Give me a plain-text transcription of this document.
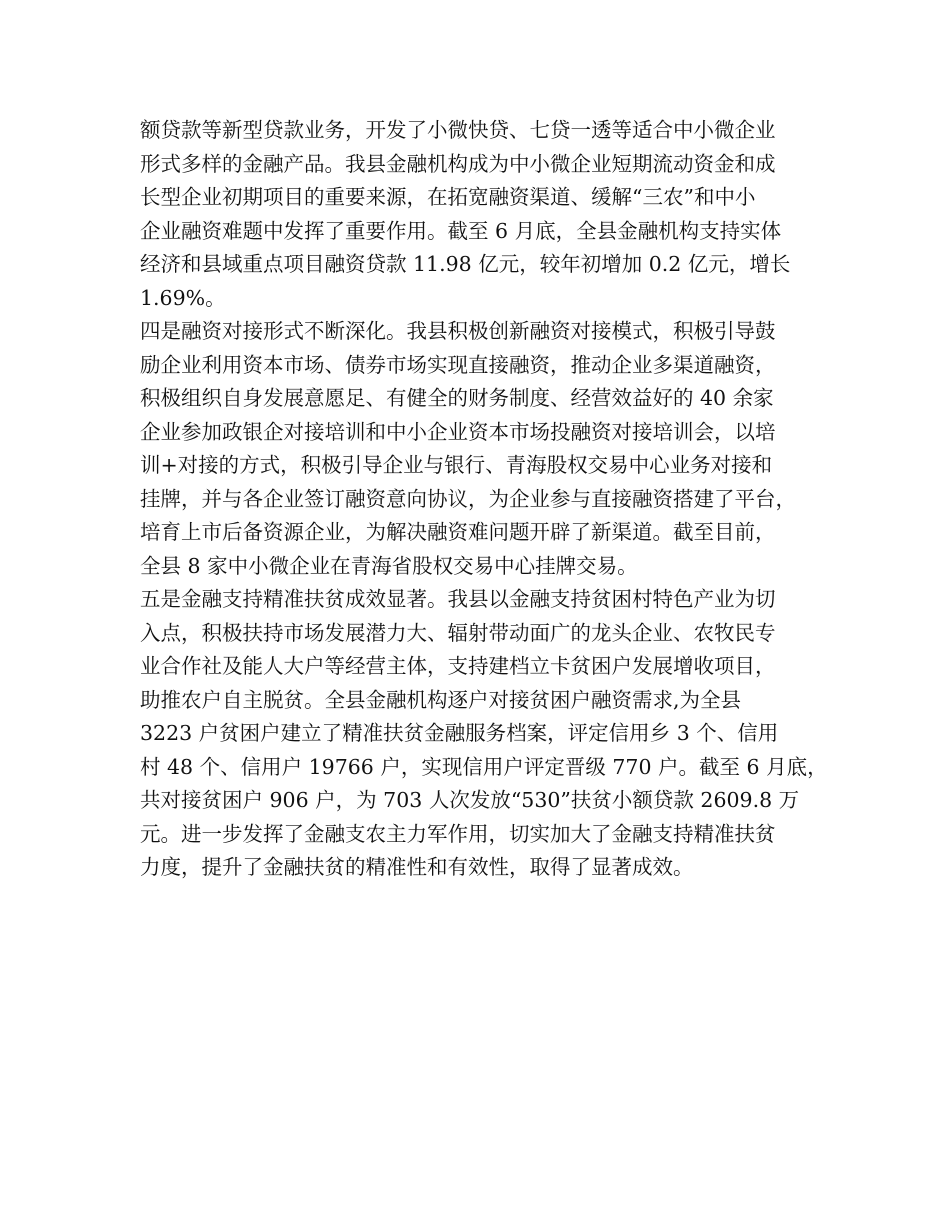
额贷款等新型贷款业务，开发了小微快贷、七贷一透等适合中小微企业
形式多样的金融产品。我县金融机构成为中小微企业短期流动资金和成
长型企业初期项目的重要来源，在拓宽融资渠道、缓解“三农”和中小
企业融资难题中发挥了重要作用。截至 6 月底，全县金融机构支持实体
经济和县域重点项目融资贷款 11.98 亿元，较年初增加 0.2 亿元，增长
1.69%。
四是融资对接形式不断深化。我县积极创新融资对接模式，积极引导鼓
励企业利用资本市场、债券市场实现直接融资，推动企业多渠道融资，
积极组织自身发展意愿足、有健全的财务制度、经营效益好的 40 余家
企业参加政银企对接培训和中小企业资本市场投融资对接培训会，以培
训+对接的方式，积极引导企业与银行、青海股权交易中心业务对接和
挂牌，并与各企业签订融资意向协议，为企业参与直接融资搭建了平台，
培育上市后备资源企业，为解决融资难问题开辟了新渠道。截至目前，
全县 8 家中小微企业在青海省股权交易中心挂牌交易。
五是金融支持精准扶贫成效显著。我县以金融支持贫困村特色产业为切
入点，积极扶持市场发展潜力大、辐射带动面广的龙头企业、农牧民专
业合作社及能人大户等经营主体，支持建档立卡贫困户发展增收项目，
助推农户自主脱贫。全县金融机构逐户对接贫困户融资需求,为全县
3223 户贫困户建立了精准扶贫金融服务档案，评定信用乡 3 个、信用
村 48 个、信用户 19766 户，实现信用户评定晋级 770 户。截至 6 月底，
共对接贫困户 906 户，为 703 人次发放“530”扶贫小额贷款 2609.8 万
元。进一步发挥了金融支农主力军作用，切实加大了金融支持精准扶贫
力度，提升了金融扶贫的精准性和有效性，取得了显著成效。
